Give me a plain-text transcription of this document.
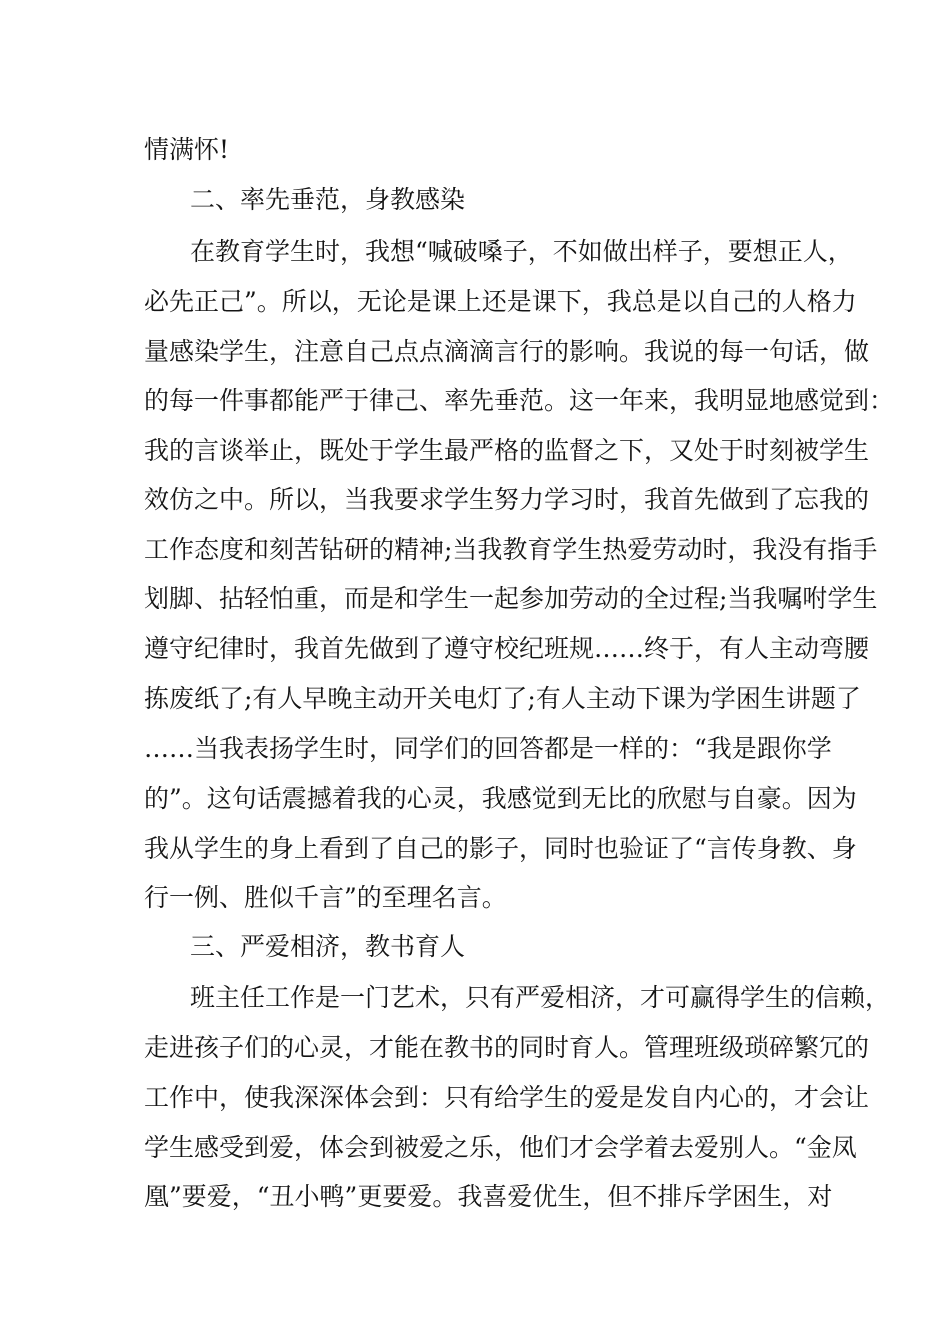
情满怀!

二、率先垂范，身教感染

在教育学生时，我想“喊破嗓子，不如做出样子，要想正人，

必先正己”。所以，无论是课上还是课下，我总是以自己的人格力

量感染学生，注意自己点点滴滴言行的影响。我说的每一句话，做

的每一件事都能严于律己、率先垂范。这一年来，我明显地感觉到：

我的言谈举止，既处于学生最严格的监督之下，又处于时刻被学生

效仿之中。所以，当我要求学生努力学习时，我首先做到了忘我的

工作态度和刻苦钻研的精神;当我教育学生热爱劳动时，我没有指手

划脚、拈轻怕重，而是和学生一起参加劳动的全过程;当我嘱咐学生

遵守纪律时，我首先做到了遵守校纪班规……终于，有人主动弯腰

拣废纸了;有人早晚主动开关电灯了;有人主动下课为学困生讲题了

……当我表扬学生时，同学们的回答都是一样的：“我是跟你学

的”。这句话震撼着我的心灵，我感觉到无比的欣慰与自豪。因为

我从学生的身上看到了自己的影子，同时也验证了“言传身教、身

行一例、胜似千言”的至理名言。

三、严爱相济，教书育人

班主任工作是一门艺术，只有严爱相济，才可赢得学生的信赖，

走进孩子们的心灵，才能在教书的同时育人。管理班级琐碎繁冗的

工作中，使我深深体会到：只有给学生的爱是发自内心的，才会让

学生感受到爱，体会到被爱之乐，他们才会学着去爱别人。“金凤

凰”要爱，“丑小鸭”更要爱。我喜爱优生，但不排斥学困生，对
